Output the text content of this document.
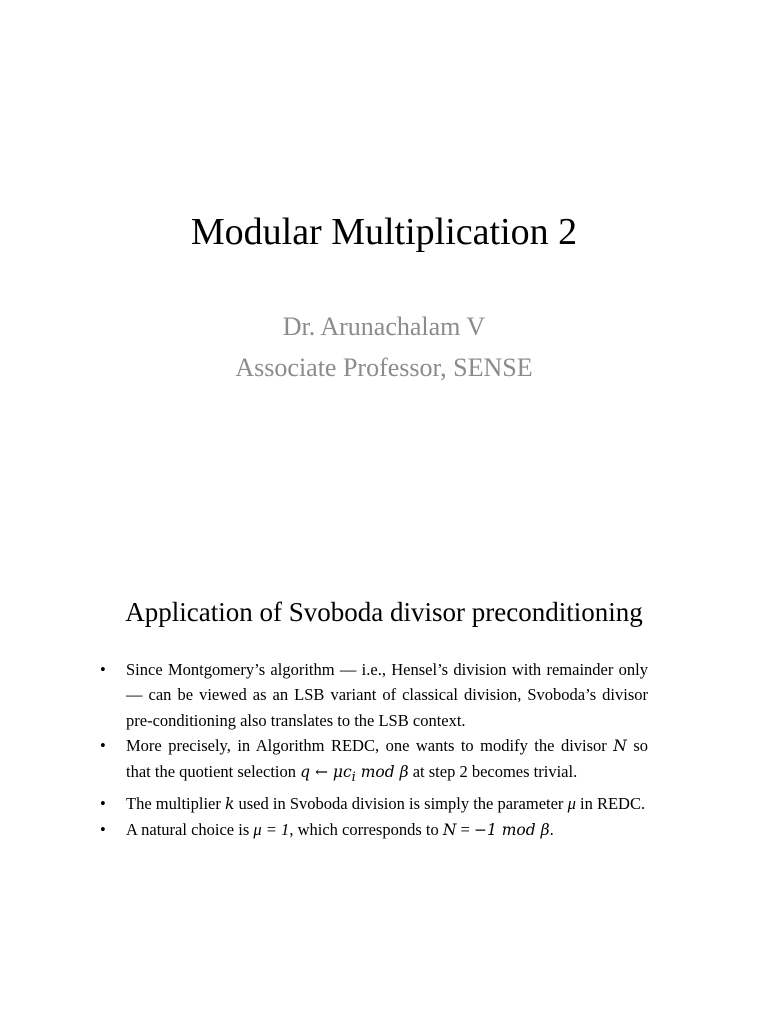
Modular Multiplication 2

Dr. Arunachalam V

Associate Professor, SENSE

Application of Svoboda divisor preconditioning
• Since Montgomery’s algorithm — i.e., Hensel’s division with remainder only — can be viewed as an LSB variant of classical division, Svoboda’s divisor pre-conditioning also translates to the LSB context.
• More precisely, in Algorithm REDC, one wants to modify the divisor N so that the quotient selection q ← $\mu c_i$ mod β at step 2 becomes trivial.
• The multiplier k used in Svoboda division is simply the parameter μ in REDC.
• A natural choice is μ = 1, which corresponds to N = −1 mod β.
